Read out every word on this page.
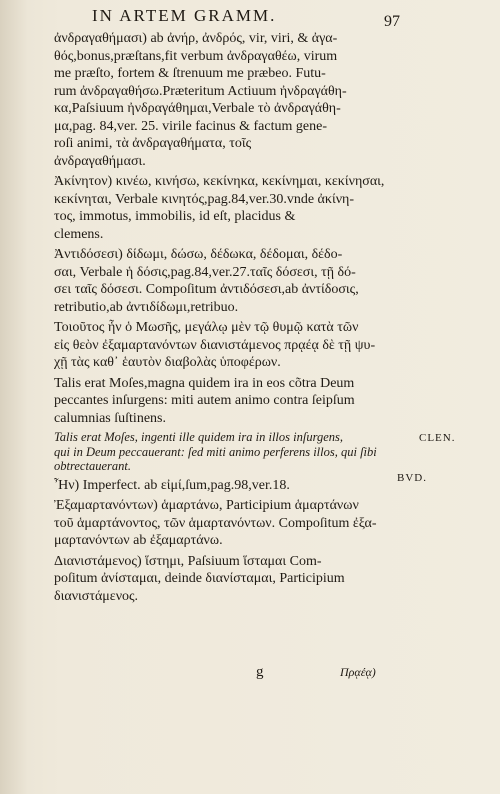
IN ARTEM GRAMM.	97
ἀνδραγαθήμασι) ab ἀνήρ, ἀνδρός, vir, viri, & ἀγα-
θός,bonus,præſtans,fit verbum ἀνδραγαθέω, virum
me præſto, fortem & ſtrenuum me præbeo. Futu-
rum ἀνδραγαθήσω.Præteritum Actiuum ἠνδραγάθη-
κα,Paſsiuum ἠνδραγάθημαι,Verbale τὸ ἀνδραγάθη-
μα,pag. 84,ver. 25. virile facinus & factum gene-
roſi animi, τὰ ἀνδραγαθήματα, τοῖς
ἀνδραγαθήμασι.
Ἀκίνητον) κινέω, κινήσω, κεκίνηκα, κεκίνημαι, κεκίνησαι,
κεκίνηται, Verbale κινητός,pag.84,ver.30.vnde ἀκίνη-
τος, immotus, immobilis, id eſt, placidus &
clemens.
Ἀντιδόσεσι) δίδωμι, δώσω, δέδωκα, δέδομαι, δέδο-
σαι, Verbale ἡ δόσις,pag.84,ver.27.ταῖς δόσεσι, τῇ δό-
σει ταῖς δόσεσι. Compoſitum ἀντιδόσεσι,ab ἀντίδοσις,
retributio,ab ἀντιδίδωμι,retribuo.
Τοιοῦτος ἦν ὁ Μωσῆς, μεγάλῳ μὲν τῷ θυμῷ κατὰ τῶν
εἰς θεὸν ἐξαμαρτανόντων διανιστάμενος πρᾳέᾳ δὲ τῇ ψυ-
χῇ τὰς καθ᾽ ἑαυτὸν διαβολὰς ὑποφέρων.
Talis erat Moſes,magna quidem ira in eos cõtra Deum
peccantes inſurgens: miti autem animo contra ſeipſum
calumnias ſuſtinens.
Talis erat Moſes, ingenti ille quidem ira in illos inſurgens,
qui in Deum peccauerant: ſed miti animo perferens illos, qui ſibi
obtrectauerant.
Ἦν) Imperfect. ab εἰμί,ſum,pag.98,ver.18.
Ἐξαμαρτανόντων) ἁμαρτάνω, Participium ἁμαρτάνων
τοῦ ἁμαρτάνοντος, τῶν ἁμαρτανόντων. Compoſitum ἐξα-
μαρτανόντων ab ἐξαμαρτάνω.
Διανιστάμενος) ἵστημι, Paſsiuum ἵσταμαι Com-
poſitum ἀνίσταμαι, deinde διανίσταμαι, Participium
διανιστάμενος.
CLEN.
BVD.
g	Πρᾳέᾳ)
